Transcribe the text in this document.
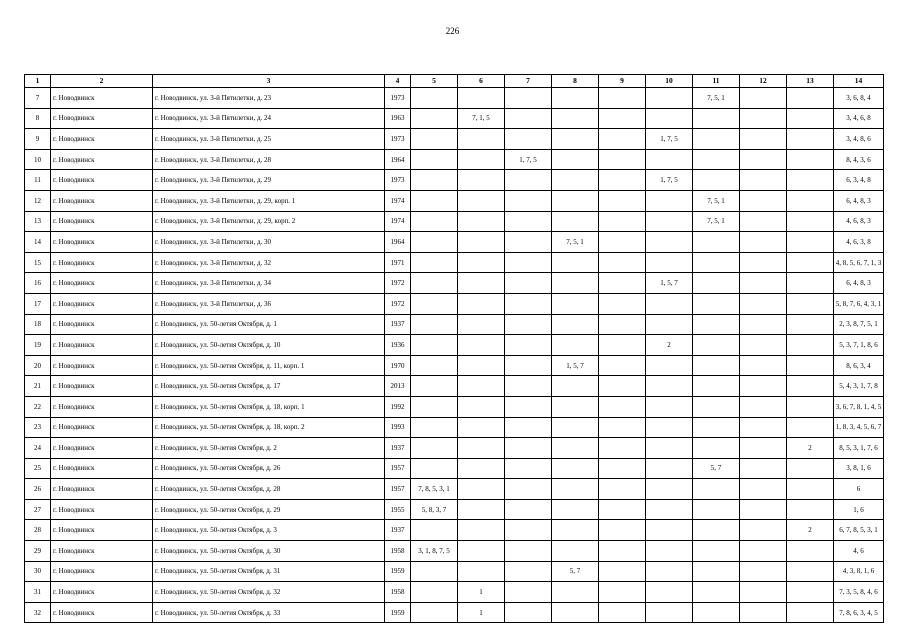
226
1	2	3	4	5	6	7	8	9	10	11	12	13	14
7	г. Новодвинск	г. Новодвинск, ул. 3-й Пятилетки, д. 23	1973							7, 5, 1			3, 6, 8, 4
8	г. Новодвинск	г. Новодвинск, ул. 3-й Пятилетки, д. 24	1963		7, 1, 5								3, 4, 6, 8
9	г. Новодвинск	г. Новодвинск, ул. 3-й Пятилетки, д. 25	1973						1, 7, 5				3, 4, 8, 6
10	г. Новодвинск	г. Новодвинск, ул. 3-й Пятилетки, д. 28	1964			1, 7, 5							8, 4, 3, 6
11	г. Новодвинск	г. Новодвинск, ул. 3-й Пятилетки, д. 29	1973						1, 7, 5				6, 3, 4, 8
12	г. Новодвинск	г. Новодвинск, ул. 3-й Пятилетки, д. 29, корп. 1	1974							7, 5, 1			6, 4, 8, 3
13	г. Новодвинск	г. Новодвинск, ул. 3-й Пятилетки, д. 29, корп. 2	1974							7, 5, 1			4, 6, 8, 3
14	г. Новодвинск	г. Новодвинск, ул. 3-й Пятилетки, д. 30	1964				7, 5, 1						4, 6, 3, 8
15	г. Новодвинск	г. Новодвинск, ул. 3-й Пятилетки, д. 32	1971										4, 8, 5, 6, 7, 1, 3
16	г. Новодвинск	г. Новодвинск, ул. 3-й Пятилетки, д. 34	1972						1, 5, 7				6, 4, 8, 3
17	г. Новодвинск	г. Новодвинск, ул. 3-й Пятилетки, д. 36	1972										5, 8, 7, 6, 4, 3, 1
18	г. Новодвинск	г. Новодвинск, ул. 50-летия Октября, д. 1	1937										2, 3, 8, 7, 5, 1
19	г. Новодвинск	г. Новодвинск, ул. 50-летия Октября, д. 10	1936						2				5, 3, 7, 1, 8, 6
20	г. Новодвинск	г. Новодвинск, ул. 50-летия Октября, д. 11, корп. 1	1970				1, 5, 7						8, 6, 3, 4
21	г. Новодвинск	г. Новодвинск, ул. 50-летия Октября, д. 17	2013										5, 4, 3, 1, 7, 8
22	г. Новодвинск	г. Новодвинск, ул. 50-летия Октября, д. 18, корп. 1	1992										3, 6, 7, 8, 1, 4, 5
23	г. Новодвинск	г. Новодвинск, ул. 50-летия Октября, д. 18, корп. 2	1993										1, 8, 3, 4, 5, 6, 7
24	г. Новодвинск	г. Новодвинск, ул. 50-летия Октября, д. 2	1937									2	8, 5, 3, 1, 7, 6
25	г. Новодвинск	г. Новодвинск, ул. 50-летия Октября, д. 26	1957							5, 7			3, 8, 1, 6
26	г. Новодвинск	г. Новодвинск, ул. 50-летия Октября, д. 28	1957	7, 8, 5, 3, 1									6
27	г. Новодвинск	г. Новодвинск, ул. 50-летия Октября, д. 29	1955	5, 8, 3, 7									1, 6
28	г. Новодвинск	г. Новодвинск, ул. 50-летия Октября, д. 3	1937									2	6, 7, 8, 5, 3, 1
29	г. Новодвинск	г. Новодвинск, ул. 50-летия Октября, д. 30	1958	3, 1, 8, 7, 5									4, 6
30	г. Новодвинск	г. Новодвинск, ул. 50-летия Октября, д. 31	1959				5, 7						4, 3, 8, 1, 6
31	г. Новодвинск	г. Новодвинск, ул. 50-летия Октября, д. 32	1958		1								7, 3, 5, 8, 4, 6
32	г. Новодвинск	г. Новодвинск, ул. 50-летия Октября, д. 33	1959		1								7, 8, 6, 3, 4, 5
